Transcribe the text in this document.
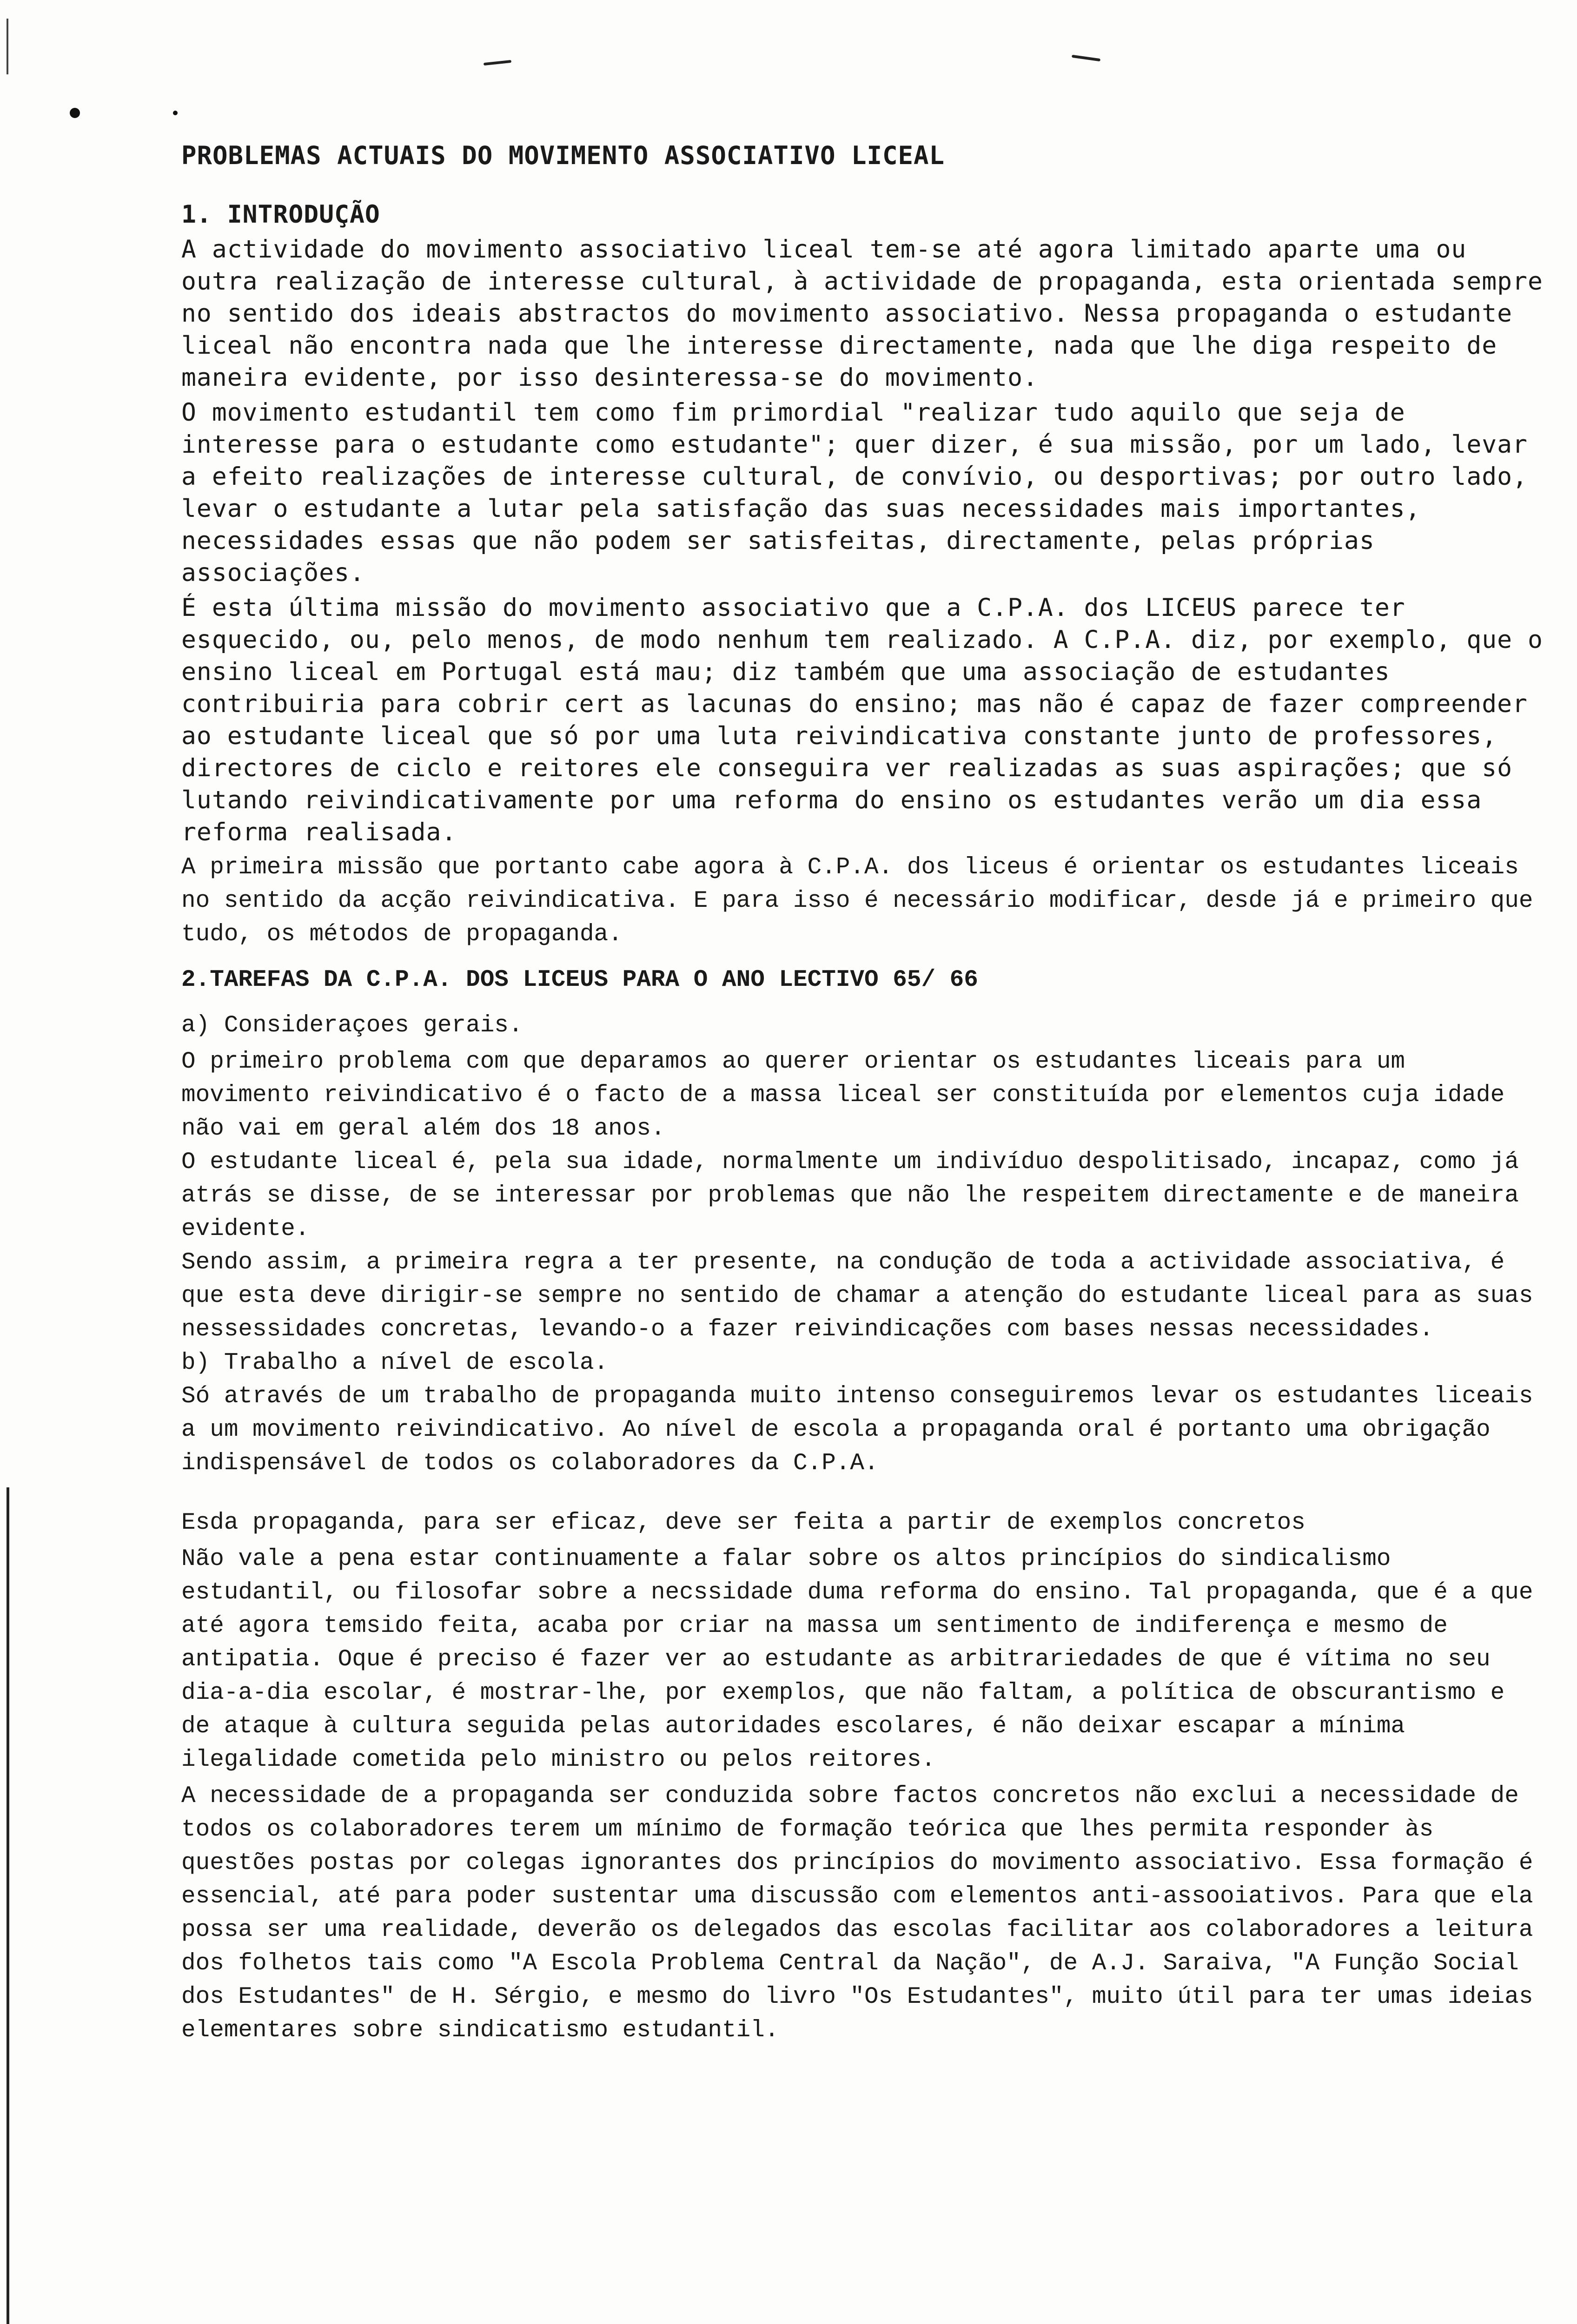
PROBLEMAS ACTUAIS DO MOVIMENTO ASSOCIATIVO LICEAL
1. INTRODUÇÃO

A actividade do movimento associativo liceal tem-se até agora limitado aparte uma ou outra realização de interesse cultural, à actividade de propaganda, esta orientada sempre no sentido dos ideais abstractos do movimento associativo. Nessa propaganda o estudante liceal não encontra nada que lhe interesse directamente, nada que lhe diga respeito de maneira evidente, por isso desinteressa-se do movimento.

O movimento estudantil tem como fim primordial "realizar tudo aquilo que seja de interesse para o estudante como estudante"; quer dizer, é sua missão, por um lado, levar a efeito realizações de interesse cultural, de convívio, ou desportivas; por outro lado, levar o estudante a lutar pela satisfação das suas necessidades mais importantes, necessidades essas que não podem ser satisfeitas, directamente, pelas próprias associações.

É esta última missão do movimento associativo que a C.P.A. dos LICEUS parece ter esquecido, ou, pelo menos, de modo nenhum tem realizado. A C.P.A. diz, por exemplo, que o ensino liceal em Portugal está mau; diz também que uma associação de estudantes contribuiria para cobrir cert as lacunas do ensino; mas não é capaz de fazer compreender ao estudante liceal que só por uma luta reivindicativa constante junto de professores, directores de ciclo e reitores ele conseguira ver realizadas as suas aspirações; que só lutando reivindicativamente por uma reforma do ensino os estudantes verão um dia essa reforma realisada.

A primeira missão que portanto cabe agora à C.P.A. dos liceus é orientar os estudantes liceais no sentido da acção reivindicativa. E para isso é necessário modificar, desde já e primeiro que tudo, os métodos de propaganda.

2.TAREFAS DA C.P.A. DOS LICEUS PARA O ANO LECTIVO 65/ 66

a) Consideraçoes gerais.

O primeiro problema com que deparamos ao querer orientar os estudantes liceais para um movimento reivindicativo é o facto de a massa liceal ser constituída por elementos cuja idade não vai em geral além dos 18 anos.

O estudante liceal é, pela sua idade, normalmente um indivíduo despolitisado, incapaz, como já atrás se disse, de se interessar por problemas que não lhe respeitem directamente e de maneira evidente.

Sendo assim, a primeira regra a ter presente, na condução de toda a actividade associativa, é que esta deve dirigir-se sempre no sentido de chamar a atenção do estudante liceal para as suas nessessidades concretas, levando-o a fazer reivindicações com bases nessas necessidades.

b) Trabalho a nível de escola.

Só através de um trabalho de propaganda muito intenso conseguiremos levar os estudantes liceais a um movimento reivindicativo. Ao nível de escola a propaganda oral é portanto uma obrigação indispensável de todos os colaboradores da C.P.A.

Esda propaganda, para ser eficaz, deve ser feita a partir de exemplos concretos

Não vale a pena estar continuamente a falar sobre os altos princípios do sindicalismo estudantil, ou filosofar sobre a necssidade duma reforma do ensino. Tal propaganda, que é a que até agora temsido feita, acaba por criar na massa um sentimento de indiferença e mesmo de antipatia. Oque é preciso é fazer ver ao estudante as arbitrariedades de que é vítima no seu dia-a-dia escolar, é mostrar-lhe, por exemplos, que não faltam, a política de obscurantismo e de ataque à cultura seguida pelas autoridades escolares, é não deixar escapar a mínima ilegalidade cometida pelo ministro ou pelos reitores.

A necessidade de a propaganda ser conduzida sobre factos concretos não exclui a necessidade de todos os colaboradores terem um mínimo de formação teórica que lhes permita responder às questões postas por colegas ignorantes dos princípios do movimento associativo. Essa formação é essencial, até para poder sustentar uma discussão com elementos anti-assooiativos. Para que ela possa ser uma realidade, deverão os delegados das escolas facilitar aos colaboradores a leitura dos folhetos tais como "A Escola Problema Central da Nação", de A.J. Saraiva, "A Função Social dos Estudantes" de H. Sérgio, e mesmo do livro "Os Estudantes", muito útil para ter umas ideias elementares sobre sindicatismo estudantil.
